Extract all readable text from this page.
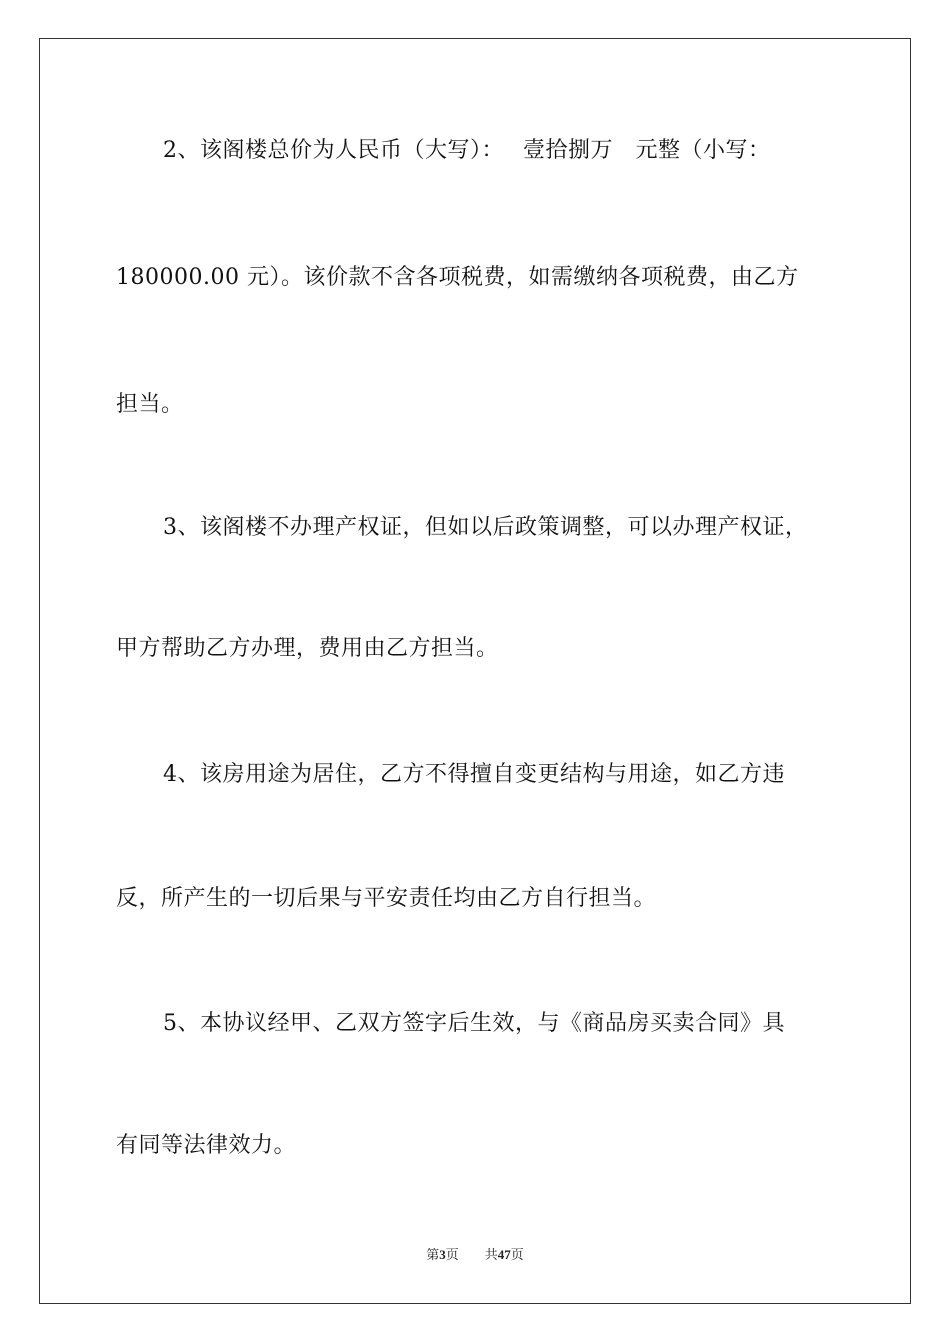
2、该阁楼总价为人民币（大写）：　 壹拾捌万　元整（小写：
180000.00 元）。该价款不含各项税费，如需缴纳各项税费，由乙方
担当。
3、该阁楼不办理产权证，但如以后政策调整，可以办理产权证，
甲方帮助乙方办理，费用由乙方担当。
4、该房用途为居住，乙方不得擅自变更结构与用途，如乙方违
反，所产生的一切后果与平安责任均由乙方自行担当。
5、本协议经甲、乙双方签字后生效，与《商品房买卖合同》具
有同等法律效力。
第3页 共47页
